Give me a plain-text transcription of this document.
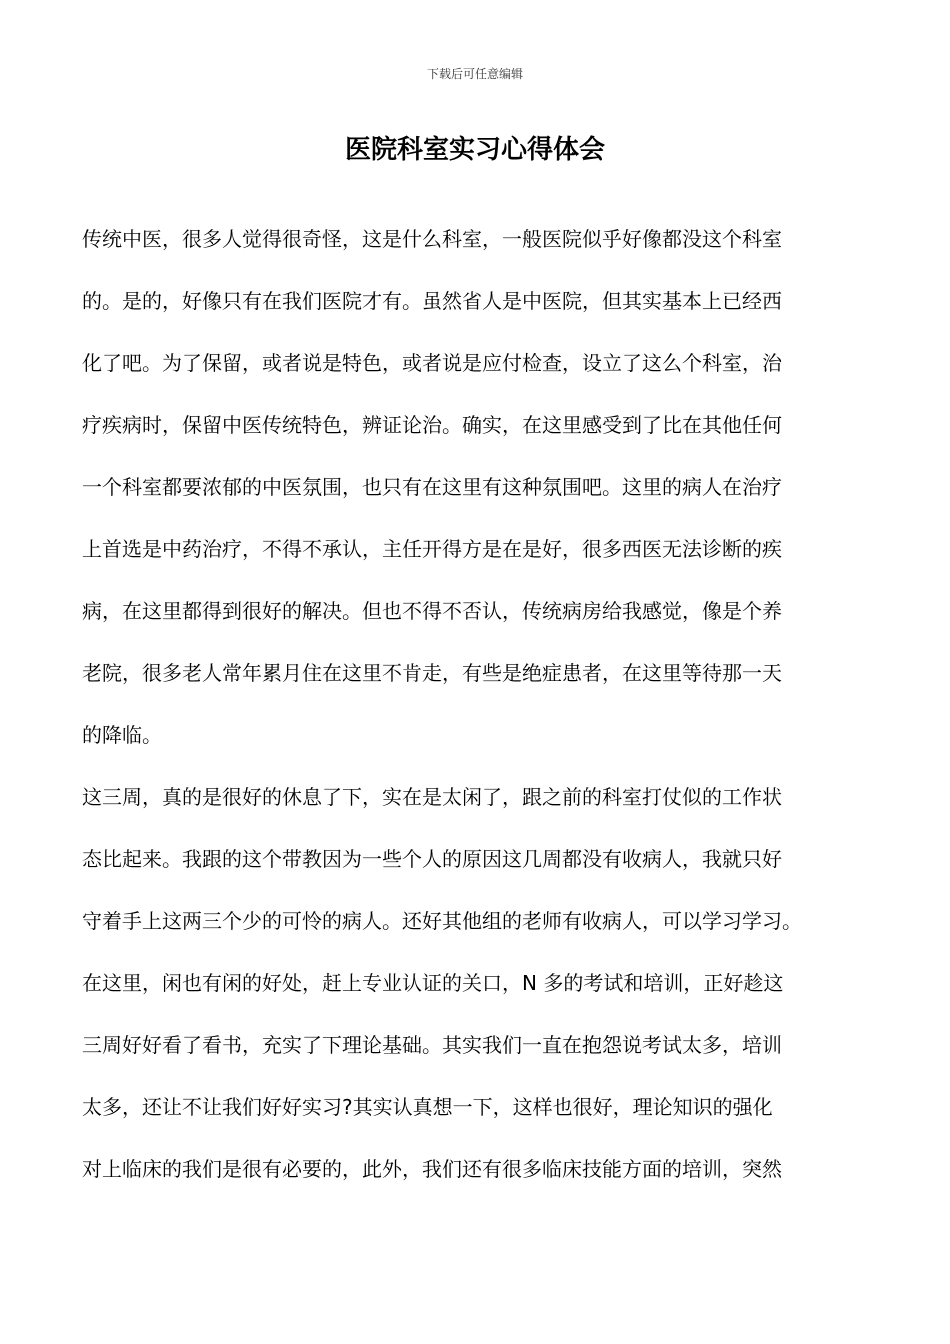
下载后可任意编辑
医院科室实习心得体会
传统中医，很多人觉得很奇怪，这是什么科室，一般医院似乎好像都没这个科室
的。是的，好像只有在我们医院才有。虽然省人是中医院，但其实基本上已经西
化了吧。为了保留，或者说是特色，或者说是应付检查，设立了这么个科室，治
疗疾病时，保留中医传统特色，辨证论治。确实，在这里感受到了比在其他任何
一个科室都要浓郁的中医氛围，也只有在这里有这种氛围吧。这里的病人在治疗
上首选是中药治疗，不得不承认，主任开得方是在是好，很多西医无法诊断的疾
病，在这里都得到很好的解决。但也不得不否认，传统病房给我感觉，像是个养
老院，很多老人常年累月住在这里不肯走，有些是绝症患者，在这里等待那一天
的降临。
这三周，真的是很好的休息了下，实在是太闲了，跟之前的科室打仗似的工作状
态比起来。我跟的这个带教因为一些个人的原因这几周都没有收病人，我就只好
守着手上这两三个少的可怜的病人。还好其他组的老师有收病人，可以学习学习。
在这里，闲也有闲的好处，赶上专业认证的关口，N 多的考试和培训，正好趁这
三周好好看了看书，充实了下理论基础。其实我们一直在抱怨说考试太多，培训
太多，还让不让我们好好实习?其实认真想一下，这样也很好，理论知识的强化
对上临床的我们是很有必要的，此外，我们还有很多临床技能方面的培训，突然
